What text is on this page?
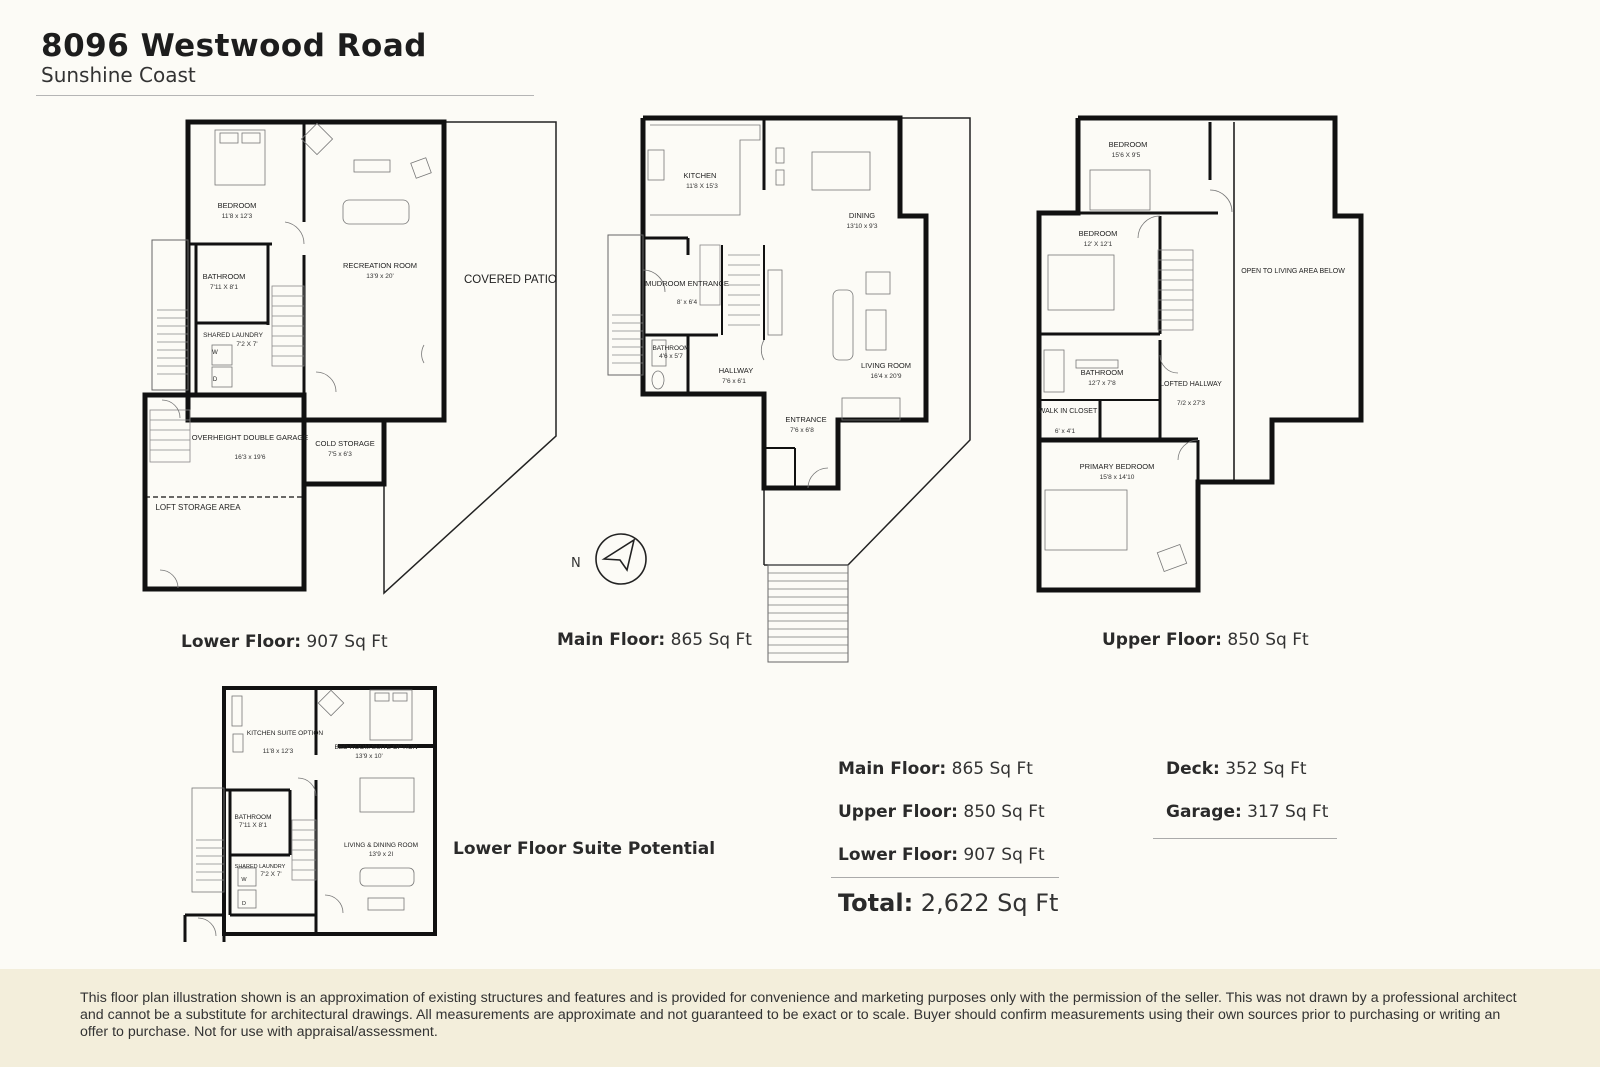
8096 Westwood Road
Sunshine Coast
BEDROOM
11'8 x 12'3
RECREATION ROOM
13'9 x 20'
BATHROOM
7'11 X 8'1
SHARED LAUNDRY
7'2 X 7'
W
D
OVERHEIGHT DOUBLE GARAGE
16'3 x 19'6
COLD STORAGE
7'5 x 6'3
LOFT STORAGE AREA
COVERED PATIO
KITCHEN
11'8 X 15'3
DINING
13'10 x 9'3
MUDROOM ENTRANCE
8' x 6'4
BATHROOM
4'6 x 5'7
HALLWAY
7'6 x 6'1
LIVING ROOM
16'4 x 20'9
ENTRANCE
7'6 x 6'8
N
BEDROOM
15'6 X 9'5
BEDROOM
12' X 12'1
OPEN TO LIVING AREA BELOW
BATHROOM
12'7 x 7'8	LOFTED HALLWAY
7/2 x 27'3
WALK IN CLOSET
6' x 4'1
PRIMARY BEDROOM
15'8 x 14'10
KITCHEN SUITE OPTION
11'8 x 12'3
BED ROOM SUITE OPTION
13'9 x 10'
BATHROOM
7'11 X 8'1
LIVING & DINING ROOM
13'9 x 2I
SHARED LAUNDRY
7'2 X 7'
W
D
Lower Floor: 907 Sq Ft	Main Floor: 865 Sq Ft	Upper Floor: 850 Sq Ft
Lower Floor Suite Potential
Main Floor: 865 Sq Ft
Upper Floor: 850 Sq Ft
Lower Floor: 907 Sq Ft
Total: 2,622 Sq Ft
Deck: 352 Sq Ft
Garage: 317 Sq Ft
This floor plan illustration shown is an approximation of existing structures and features and is provided for convenience and marketing purposes only with the permission of the seller. This was not drawn by a professional architect and cannot be a substitute for architectural drawings. All measurements are approximate and not guaranteed to be exact or to scale. Buyer should confirm measurements using their own sources prior to purchasing or writing an offer to purchase. Not for use with appraisal/assessment.
